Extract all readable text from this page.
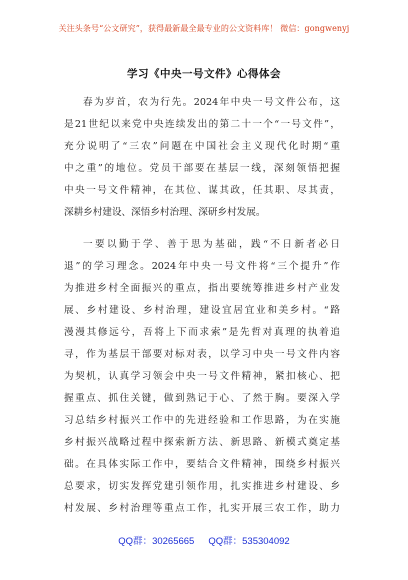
关注头条号“公文研究”，获得最新最全最专业的公文资料库！ 微信：gongwenyj
学习《中央一号文件》心得体会
春为岁首，农为行先。2024年中央一号文件公布，这
是21世纪以来党中央连续发出的第二十一个“一号文件”，
充分说明了“三农”问题在中国社会主义现代化时期“重
中之重”的地位。党员干部要在基层一线，深刻领悟把握
中央一号文件精神，在其位、谋其政，任其职、尽其责，
深耕乡村建设、深悟乡村治理、深研乡村发展。
一要以勤于学、善于思为基础，践“不日新者必日
退”的学习理念。2024年中央一号文件将“三个提升”作
为推进乡村全面振兴的重点，指出要统筹推进乡村产业发
展、乡村建设、乡村治理，建设宜居宜业和美乡村。“路
漫漫其修远兮，吾将上下而求索”是先哲对真理的执着追
寻，作为基层干部要对标对表，以学习中央一号文件内容
为契机，认真学习领会中央一号文件精神，紧扣核心、把
握重点、抓住关键，做到熟记于心、了然于胸。要深入学
习总结乡村振兴工作中的先进经验和工作思路，为在实施
乡村振兴战略过程中探索新方法、新思路、新模式奠定基
础。在具体实际工作中，要结合文件精神，围绕乡村振兴
总要求，切实发挥党建引领作用，扎实推进乡村建设、乡
村发展、乡村治理等重点工作，扎实开展三农工作，助力
QQ群：30265665 QQ群：535304092
